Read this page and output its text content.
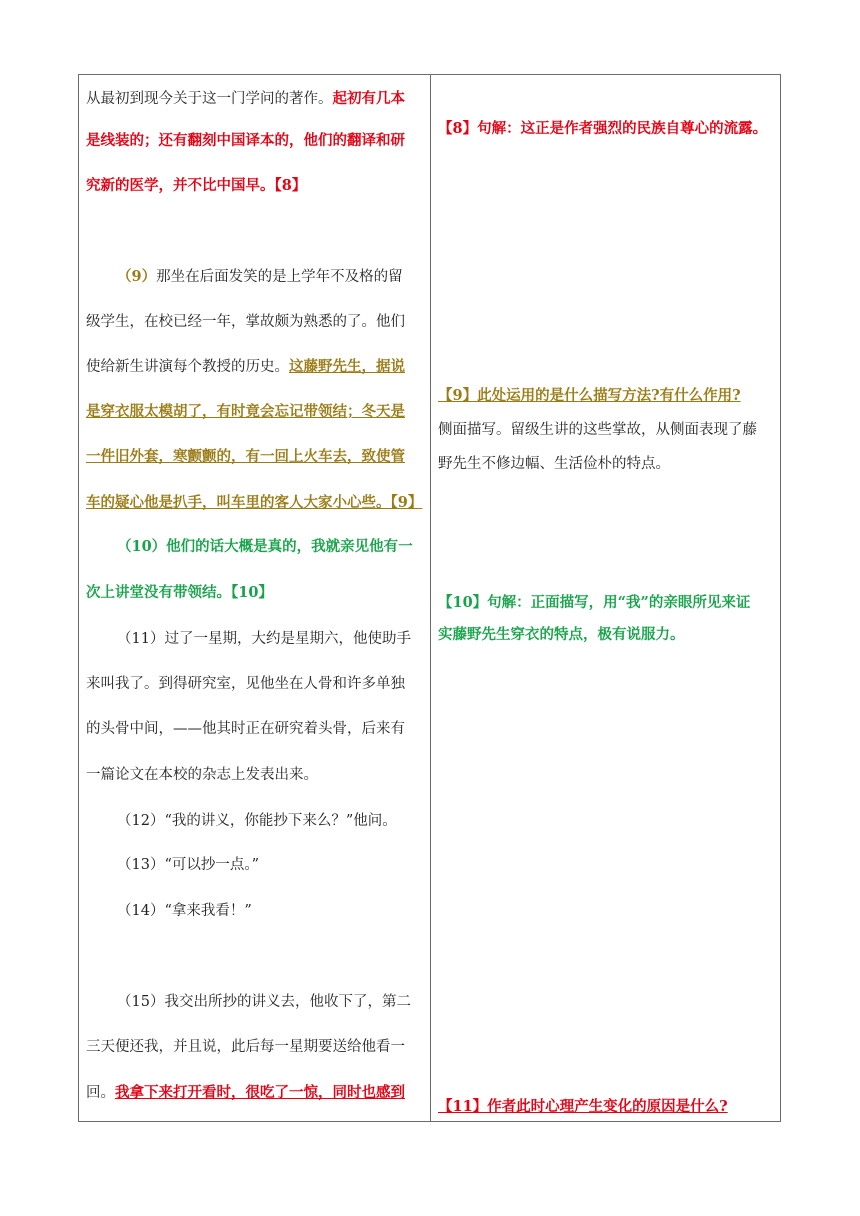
从最初到现今关于这一门学问的著作。起初有几本
是线装的；还有翻刻中国译本的，他们的翻译和研
究新的医学，并不比中国早。【8】
（9）那坐在后面发笑的是上学年不及格的留
级学生，在校已经一年，掌故颇为熟悉的了。他们
使给新生讲演每个教授的历史。这藤野先生，据说
是穿衣服太模胡了，有时竟会忘记带领结；冬天是
一件旧外套，寒颤颤的，有一回上火车去，致使管
车的疑心他是扒手，叫车里的客人大家小心些。【9】
（10）他们的话大概是真的，我就亲见他有一
次上讲堂没有带领结。【10】
（11）过了一星期，大约是星期六，他使助手
来叫我了。到得研究室，见他坐在人骨和许多单独
的头骨中间，——他其时正在研究着头骨，后来有
一篇论文在本校的杂志上发表出来。
（12）“我的讲义，你能抄下来么？”他问。
（13）“可以抄一点。”
（14）“拿来我看！”
（15）我交出所抄的讲义去，他收下了，第二
三天便还我，并且说，此后每一星期要送给他看一
回。我拿下来打开看时，很吃了一惊，同时也感到
【8】句解：这正是作者强烈的民族自尊心的流露。
【9】此处运用的是什么描写方法?有什么作用?
侧面描写。留级生讲的这些掌故，从侧面表现了藤
野先生不修边幅、生活俭朴的特点。
【10】句解：正面描写，用“我”的亲眼所见来证
实藤野先生穿衣的特点，极有说服力。
【11】作者此时心理产生变化的原因是什么?
